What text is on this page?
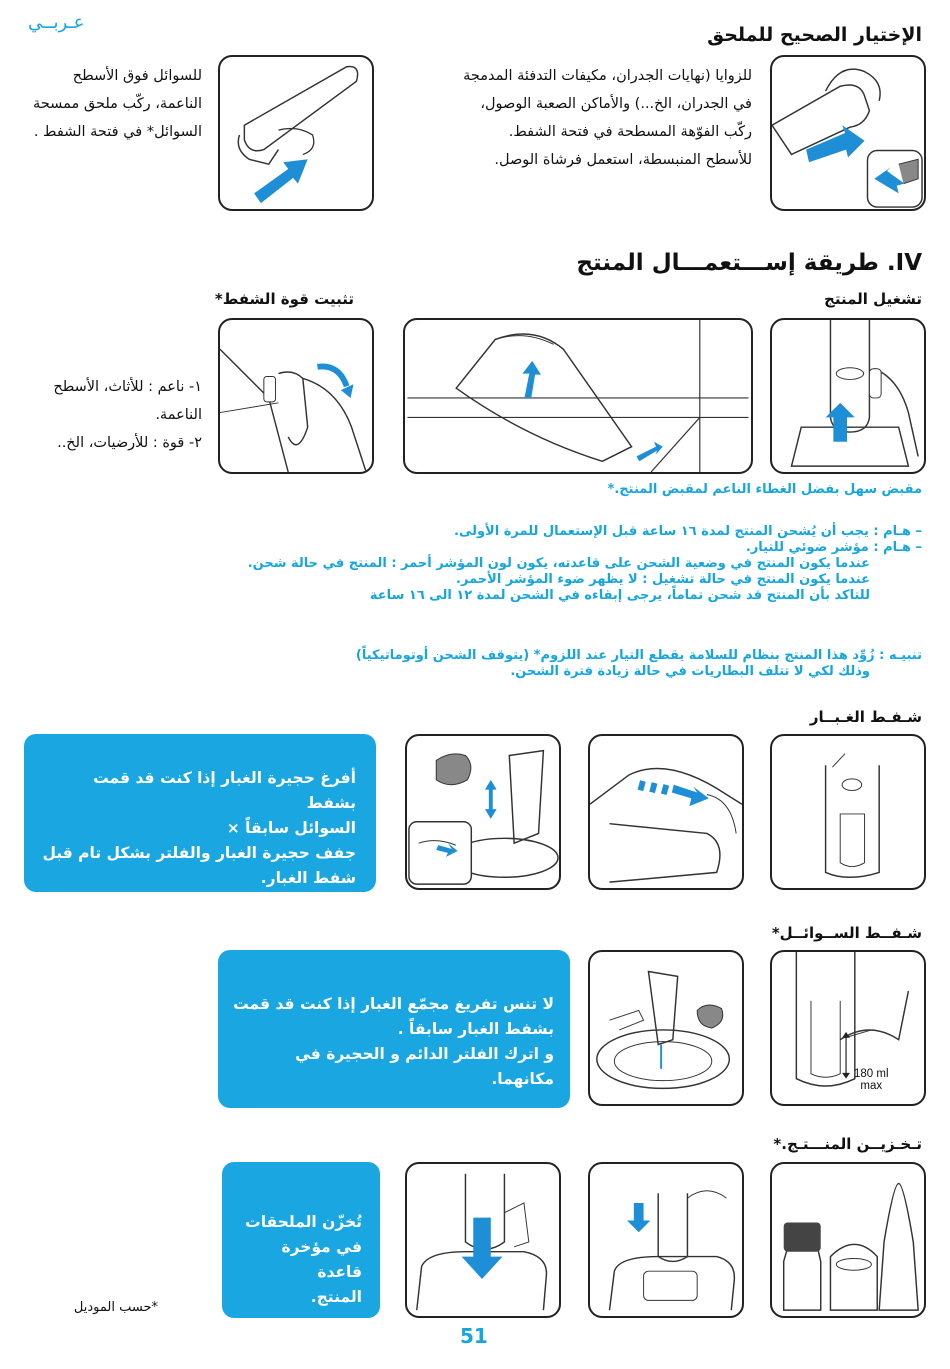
عـربــي
الإختيار الصحيح للملحق
للزوايا (نهايات الجدران، مكيفات التدفئة المدمجة
في الجدران، الخ...) والأماكن الصعبة الوصول،
ركّب الفوّهة المسطحة في فتحة الشفط.
للأسطح المنبسطة، استعمل فرشاة الوصل.
للسوائل فوق الأسطح
الناعمة، ركّب ملحق ممسحة
السوائل* في فتحة الشفط .
IV. طريقة إســـتعمـــال المنتج
تشغيل المنتج
تثبيت قوة الشفط*
١- ناعم : للأثاث، الأسطح
الناعمة.
٢- قوة : للأرضيات، الخ..
مقبض سهل بفضل الغطاء الناعم لمقبض المنتج.*
– هـام : يجب أن يُشحن المنتج لمدة ١٦ ساعة قبل الإستعمال للمرة الأولى.
– هـام : مؤشر ضوئي للتيار.
عندما يكون المنتج في وضعية الشحن على قاعدته، يكون لون المؤشر أحمر : المنتج في حالة شحن.
عندما يكون المنتج في حالة تشغيل : لا يظهر ضوء المؤشر الأحمر.
للتاكد بأن المنتج قد شحن تماماً، يرجى إبقاءه في الشحن لمدة ١٢ الى ١٦ ساعة
تنبيـه : زُوِّد هذا المنتج بنظام للسلامة يقطع التيار عند اللزوم* (يتوقف الشحن أوتوماتيكياً)
وذلك لكي لا تتلف البطاريات في حالة زيادة فترة الشحن.
شـفـط الغـبــار
أفرغ حجيرة الغبار إذا كنت قد قمت بشفط
السوائل سابقاً ×
جفف حجيرة الغبار والفلتر بشكل تام قبل
شفط الغبار.
شـفــط الســوائــل*
180 ml
max
لا تنس تفريغ مجمّع الغبار إذا كنت قد قمت
بشفط الغبار سابقاً .
و اترك الفلتر الدائم و الحجيرة في مكانهما.
تـخـزيــن المنـــتـج.*
تُخزّن الملحقات
في مؤخرة قاعدة
المنتج.
*حسب الموديل
51
